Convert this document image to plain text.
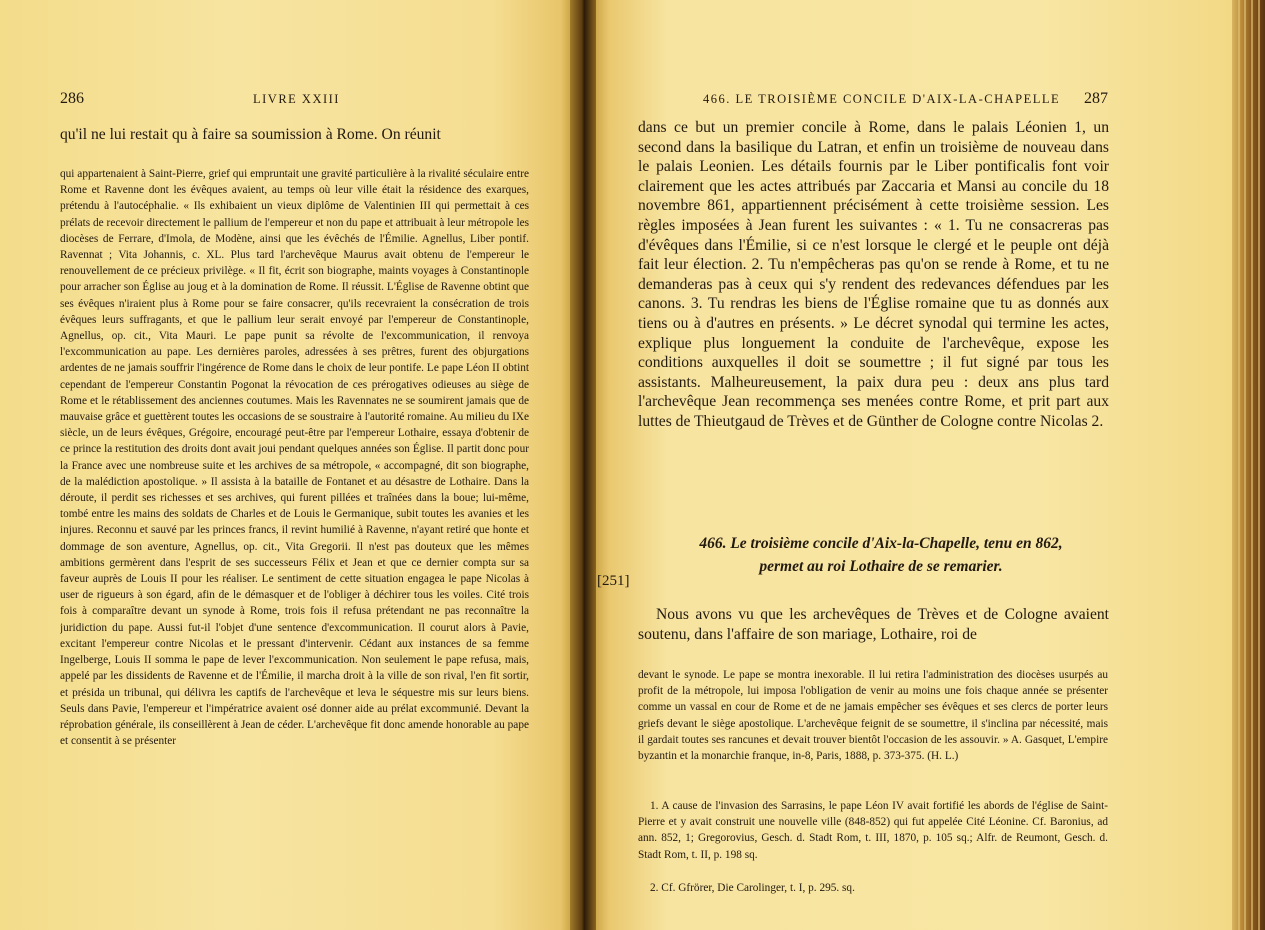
286	LIVRE XXIII
qu'il ne lui restait qu à faire sa soumission à Rome. On réunit
qui appartenaient à Saint-Pierre, grief qui empruntait une gravité particulière à la rivalité séculaire entre Rome et Ravenne dont les évêques avaient, au temps où leur ville était la résidence des exarques, prétendu à l'autocéphalie. « Ils exhibaient un vieux diplôme de Valentinien III qui permettait à ces prélats de recevoir directement le pallium de l'empereur et non du pape et attribuait à leur métropole les diocèses de Ferrare, d'Imola, de Modène, ainsi que les évêchés de l'Émilie. Agnellus, Liber pontif. Ravennat ; Vita Johannis, c. XL. Plus tard l'archevêque Maurus avait obtenu de l'empereur le renouvellement de ce précieux privilège. « Il fit, écrit son biographe, maints voyages à Constantinople pour arracher son Église au joug et à la domination de Rome. Il réussit. L'Église de Ravenne obtint que ses évêques n'iraient plus à Rome pour se faire consacrer, qu'ils recevraient la consécration de trois évêques leurs suffragants, et que le pallium leur serait envoyé par l'empereur de Constantinople, Agnellus, op. cit., Vita Mauri. Le pape punit sa révolte de l'excommunication, il renvoya l'excommunication au pape. Les dernières paroles, adressées à ses prêtres, furent des objurgations ardentes de ne jamais souffrir l'ingérence de Rome dans le choix de leur pontife. Le pape Léon II obtint cependant de l'empereur Constantin Pogonat la révocation de ces prérogatives odieuses au siège de Rome et le rétablissement des anciennes coutumes. Mais les Ravennates ne se soumirent jamais que de mauvaise grâce et guettèrent toutes les occasions de se soustraire à l'autorité romaine. Au milieu du IXe siècle, un de leurs évêques, Grégoire, encouragé peut-être par l'empereur Lothaire, essaya d'obtenir de ce prince la restitution des droits dont avait joui pendant quelques années son Église. Il partit donc pour la France avec une nombreuse suite et les archives de sa métropole, « accompagné, dit son biographe, de la malédiction apostolique. » Il assista à la bataille de Fontanet et au désastre de Lothaire. Dans la déroute, il perdit ses richesses et ses archives, qui furent pillées et traînées dans la boue; lui-même, tombé entre les mains des soldats de Charles et de Louis le Germanique, subit toutes les avanies et les injures. Reconnu et sauvé par les princes francs, il revint humilié à Ravenne, n'ayant retiré que honte et dommage de son aventure, Agnellus, op. cit., Vita Gregorii. Il n'est pas douteux que les mêmes ambitions germèrent dans l'esprit de ses successeurs Félix et Jean et que ce dernier compta sur sa faveur auprès de Louis II pour les réaliser. Le sentiment de cette situation engagea le pape Nicolas à user de rigueurs à son égard, afin de le démasquer et de l'obliger à déchirer tous les voiles. Cité trois fois à comparaître devant un synode à Rome, trois fois il refusa prétendant ne pas reconnaître la juridiction du pape. Aussi fut-il l'objet d'une sentence d'excommunication. Il courut alors à Pavie, excitant l'empereur contre Nicolas et le pressant d'intervenir. Cédant aux instances de sa femme Ingelberge, Louis II somma le pape de lever l'excommunication. Non seulement le pape refusa, mais, appelé par les dissidents de Ravenne et de l'Émilie, il marcha droit à la ville de son rival, l'en fit sortir, et présida un tribunal, qui délivra les captifs de l'archevêque et leva le séquestre mis sur leurs biens. Seuls dans Pavie, l'empereur et l'impératrice avaient osé donner aide au prélat excommunié. Devant la réprobation générale, ils conseillèrent à Jean de céder. L'archevêque fit donc amende honorable au pape et consentit à se présenter
466. LE TROISIÈME CONCILE D'AIX-LA-CHAPELLE 287
dans ce but un premier concile à Rome, dans le palais Léonien 1, un second dans la basilique du Latran, et enfin un troisième de nouveau dans le palais Leonien. Les détails fournis par le Liber pontificalis font voir clairement que les actes attribués par Zaccaria et Mansi au concile du 18 novembre 861, appartiennent précisément à cette troisième session. Les règles imposées à Jean furent les suivantes : « 1. Tu ne consacreras pas d'évêques dans l'Émilie, si ce n'est lorsque le clergé et le peuple ont déjà fait leur élection. 2. Tu n'empêcheras pas qu'on se rende à Rome, et tu ne demanderas pas à ceux qui s'y rendent des redevances défendues par les canons. 3. Tu rendras les biens de l'Église romaine que tu as donnés aux tiens ou à d'autres en présents. » Le décret synodal qui termine les actes, explique plus longuement la conduite de l'archevêque, expose les conditions auxquelles il doit se soumettre ; il fut signé par tous les assistants. Malheureusement, la paix dura peu : deux ans plus tard l'archevêque Jean recommença ses menées contre Rome, et prit part aux luttes de Thieutgaud de Trèves et de Günther de Cologne contre Nicolas 2.
466. Le troisième concile d'Aix-la-Chapelle, tenu en 862,
permet au roi Lothaire de se remarier.
[251]
Nous avons vu que les archevêques de Trèves et de Cologne avaient soutenu, dans l'affaire de son mariage, Lothaire, roi de
devant le synode. Le pape se montra inexorable. Il lui retira l'administration des diocèses usurpés au profit de la métropole, lui imposa l'obligation de venir au moins une fois chaque année se présenter comme un vassal en cour de Rome et de ne jamais empêcher ses évêques et ses clercs de porter leurs griefs devant le siège apostolique. L'archevêque feignit de se soumettre, il s'inclina par nécessité, mais il gardait toutes ses rancunes et devait trouver bientôt l'occasion de les assouvir. » A. Gasquet, L'empire byzantin et la monarchie franque, in-8, Paris, 1888, p. 373-375. (H. L.)
1. A cause de l'invasion des Sarrasins, le pape Léon IV avait fortifié les abords de l'église de Saint-Pierre et y avait construit une nouvelle ville (848-852) qui fut appelée Cité Léonine. Cf. Baronius, ad ann. 852, 1; Gregorovius, Gesch. d. Stadt Rom, t. III, 1870, p. 105 sq.; Alfr. de Reumont, Gesch. d. Stadt Rom, t. II, p. 198 sq.
2. Cf. Gfrörer, Die Carolinger, t. I, p. 295. sq.
